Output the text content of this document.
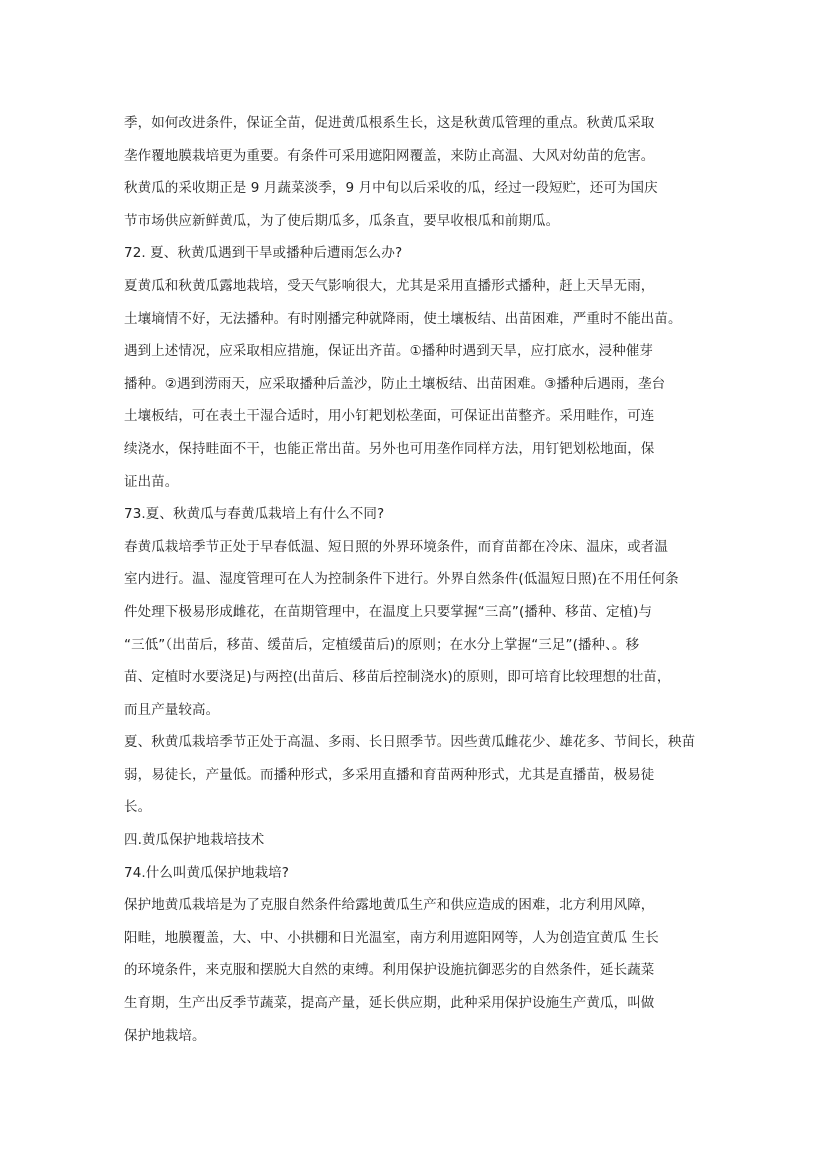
季，如何改进条件，保证全苗，促进黄瓜根系生长，这是秋黄瓜管理的重点。秋黄瓜采取
垄作覆地膜栽培更为重要。有条件可采用遮阳网覆盖，来防止高温、大风对幼苗的危害。
秋黄瓜的采收期正是 9 月蔬菜淡季，9 月中旬以后采收的瓜，经过一段短贮，还可为国庆
节市场供应新鲜黄瓜，为了使后期瓜多，瓜条直，要早收根瓜和前期瓜。
72. 夏、秋黄瓜遇到干旱或播种后遭雨怎么办?
夏黄瓜和秋黄瓜露地栽培，受天气影响很大，尤其是采用直播形式播种，赶上天旱无雨，
土壤墒情不好，无法播种。有时刚播完种就降雨，使土壤板结、出苗困难，严重时不能出苗。
遇到上述情况，应采取相应措施，保证出齐苗。①播种时遇到天旱，应打底水，浸种催芽
播种。②遇到涝雨天，应采取播种后盖沙，防止土壤板结、出苗困难。③播种后遇雨，垄台
土壤板结，可在表土干湿合适时，用小钉耙划松垄面，可保证出苗整齐。采用畦作，可连
续浇水，保持畦面不干，也能正常出苗。另外也可用垄作同样方法，用钉钯划松地面，保
证出苗。
73.夏、秋黄瓜与春黄瓜栽培上有什么不同?
春黄瓜栽培季节正处于早春低温、短日照的外界环境条件，而育苗都在冷床、温床，或者温
室内进行。温、湿度管理可在人为控制条件下进行。外界自然条件(低温短日照)在不用任何条
件处理下极易形成雌花，在苗期管理中，在温度上只要掌握“三高”(播种、移苗、定植)与
“三低”（出苗后，移苗、缓苗后，定植缓苗后)的原则；在水分上掌握“三足”(播种、。移
苗、定植时水要浇足)与两控(出苗后、移苗后控制浇水)的原则，即可培育比较理想的壮苗，
而且产量较高。
夏、秋黄瓜栽培季节正处于高温、多雨、长日照季节。因些黄瓜雌花少、雄花多、节间长，秧苗
弱，易徒长，产量低。而播种形式，多采用直播和育苗两种形式，尤其是直播苗，极易徒
长。
四.黄瓜保护地栽培技术
74.什么叫黄瓜保护地栽培?
保护地黄瓜栽培是为了克服自然条件给露地黄瓜生产和供应造成的困难，北方利用风障，
阳畦，地膜覆盖，大、中、小拱棚和日光温室，南方利用遮阳网等，人为创造宜黄瓜 生长
的环境条件，来克服和摆脱大自然的束缚。利用保护设施抗御恶劣的自然条件，延长蔬菜
生育期，生产出反季节蔬菜，提高产量，延长供应期，此种采用保护设施生产黄瓜，叫做
保护地栽培。
